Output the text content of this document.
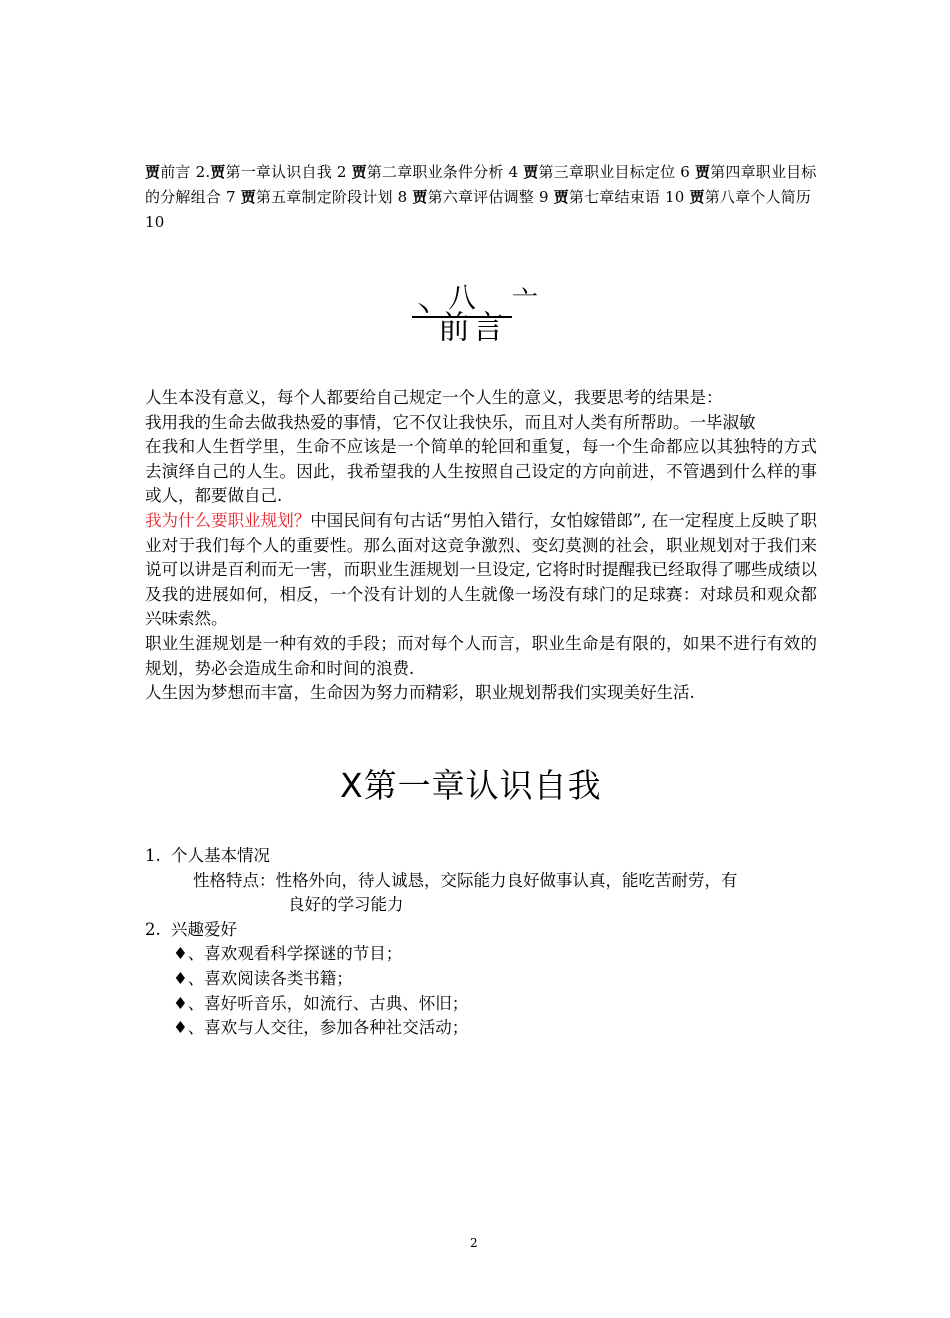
贾前言 2.贾第一章认识自我 2 贾第二章职业条件分析 4 贾第三章职业目标定位 6 贾第四章职业目标的分解组合 7 贾第五章制定阶段计划 8 贾第六章评估调整 9 贾第七章结束语 10 贾第八章个人简历 10
丶 八 亠
前言

人生本没有意义，每个人都要给自己规定一个人生的意义，我要思考的结果是：

我用我的生命去做我热爱的事情，它不仅让我快乐，而且对人类有所帮助。一毕淑敏

在我和人生哲学里，生命不应该是一个简单的轮回和重复，每一个生命都应以其独特的方式去演绎自己的人生。因此，我希望我的人生按照自己设定的方向前进，不管遇到什么样的事或人，都要做自己.

我为什么要职业规划？中国民间有句古话“男怕入错行，女怕嫁错郎”, 在一定程度上反映了职业对于我们每个人的重要性。那么面对这竞争激烈、变幻莫测的社会，职业规划对于我们来说可以讲是百利而无一害，而职业生涯规划一旦设定, 它将时时提醒我已经取得了哪些成绩以及我的进展如何，相反，一个没有计划的人生就像一场没有球门的足球赛：对球员和观众都兴味索然。

职业生涯规划是一种有效的手段；而对每个人而言，职业生命是有限的，如果不进行有效的规划，势必会造成生命和时间的浪费.

人生因为梦想而丰富，生命因为努力而精彩，职业规划帮我们实现美好生活.

X第一章认识自我
1. 个人基本情况
性格特点：性格外向，待人诚恳，交际能力良好做事认真，能吃苦耐劳，有
良好的学习能力
2. 兴趣爱好
♦、喜欢观看科学探谜的节目；
♦、喜欢阅读各类书籍；
♦、喜好听音乐，如流行、古典、怀旧；
♦、喜欢与人交往，参加各种社交活动；
2
